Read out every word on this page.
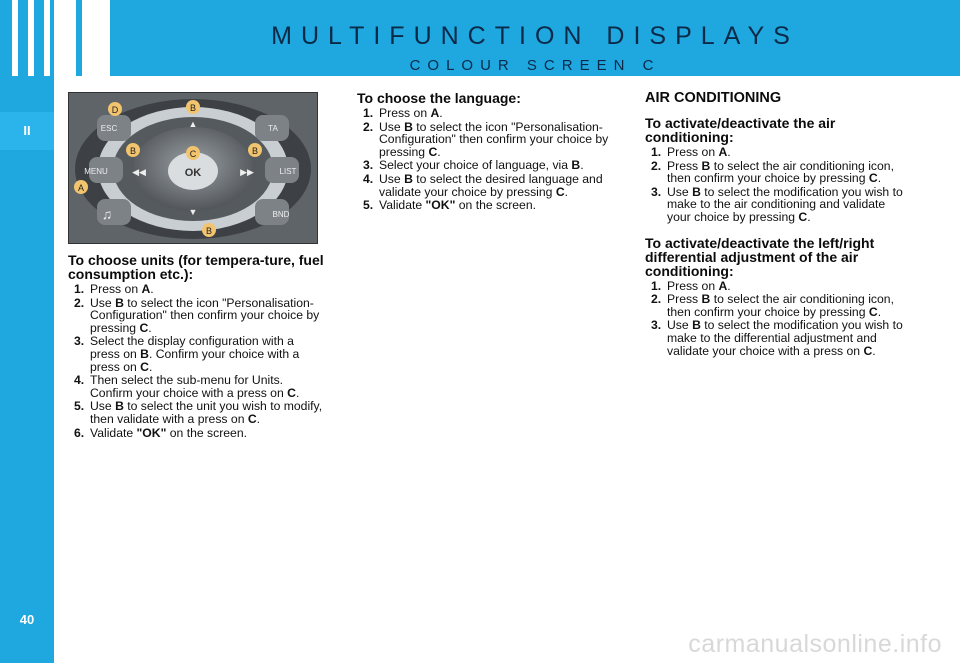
MULTIFUNCTION DISPLAYS
COLOUR SCREEN C
II
40
D	B
B	C	B
A
B
ESC	TA
MENU	LIST
OK
BND
♫
▲
▼
◀◀	▶▶
To choose units (for tempera-ture, fuel consumption etc.):
1. Press on A.
2. Use B to select the icon "Personalisation-Configuration" then confirm your choice by pressing C.
3. Select the display configuration with a press on B. Confirm your choice with a press on C.
4. Then select the sub-menu for Units. Confirm your choice with a press on C.
5. Use B to select the unit you wish to modify, then validate with a press on C.
6. Validate "OK" on the screen.
To choose the language:
1. Press on A.
2. Use B to select the icon "Personalisation-Configuration" then confirm your choice by pressing C.
3. Select your choice of language, via B.
4. Use B to select the desired language and validate your choice by pressing C.
5. Validate "OK" on the screen.
AIR CONDITIONING
To activate/deactivate the air conditioning:
1. Press on A.
2. Press B to select the air conditioning icon, then confirm your choice by pressing C.
3. Use B to select the modification you wish to make to the air conditioning and validate your choice by pressing C.
To activate/deactivate the left/right differential adjustment of the air conditioning:
1. Press on A.
2. Press B to select the air conditioning icon, then confirm your choice by pressing C.
3. Use B to select the modification you wish to make to the differential adjustment and validate your choice with a press on C.
carmanualsonline.info
